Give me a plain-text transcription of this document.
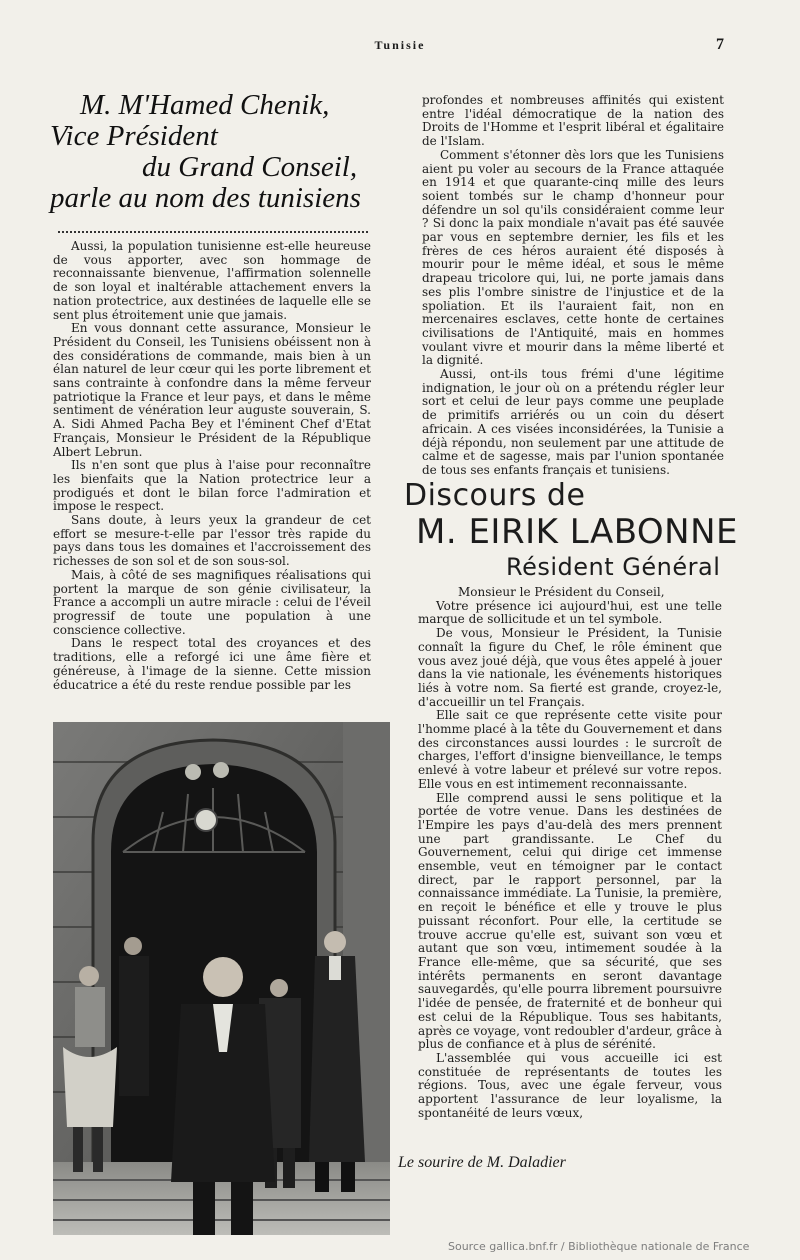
Tunisie	7
M. M'Hamed Chenik,
Vice Président
du Grand Conseil,
parle au nom des tunisiens

Aussi, la population tunisienne est-elle heureuse de vous apporter, avec son hommage de reconnaissante bienvenue, l'affirmation solennelle de son loyal et inaltérable attachement envers la nation protectrice, aux destinées de laquelle elle se sent plus étroitement unie que jamais.

En vous donnant cette assurance, Monsieur le Président du Conseil, les Tunisiens obéissent non à des considérations de commande, mais bien à un élan naturel de leur cœur qui les porte librement et sans contrainte à confondre dans la même ferveur patriotique la France et leur pays, et dans le même sentiment de vénération leur auguste souverain, S. A. Sidi Ahmed Pacha Bey et l'éminent Chef d'Etat Français, Monsieur le Président de la République Albert Lebrun.

Ils n'en sont que plus à l'aise pour reconnaître les bienfaits que la Nation protectrice leur a prodigués et dont le bilan force l'admiration et impose le respect.

Sans doute, à leurs yeux la grandeur de cet effort se mesure-t-elle par l'essor très rapide du pays dans tous les domaines et l'accroissement des richesses de son sol et de son sous-sol.

Mais, à côté de ses magnifiques réalisations qui portent la marque de son génie civilisateur, la France a accompli un autre miracle : celui de l'éveil progressif de toute une population à une conscience collective.

Dans le respect total des croyances et des traditions, elle a reforgé ici une âme fière et généreuse, à l'image de la sienne. Cette mission éducatrice a été du reste rendue possible par les

profondes et nombreuses affinités qui existent entre l'idéal démocratique de la nation des Droits de l'Homme et l'esprit libéral et égalitaire de l'Islam.

Comment s'étonner dès lors que les Tunisiens aient pu voler au secours de la France attaquée en 1914 et que quarante-cinq mille des leurs soient tombés sur le champ d'honneur pour défendre un sol qu'ils considéraient comme leur ? Si donc la paix mondiale n'avait pas été sauvée par vous en septembre dernier, les fils et les frères de ces héros auraient été disposés à mourir pour le même idéal, et sous le même drapeau tricolore qui, lui, ne porte jamais dans ses plis l'ombre sinistre de l'injustice et de la spoliation. Et ils l'auraient fait, non en mercenaires esclaves, cette honte de certaines civilisations de l'Antiquité, mais en hommes voulant vivre et mourir dans la même liberté et la dignité.

Aussi, ont-ils tous frémi d'une légitime indignation, le jour où on a prétendu régler leur sort et celui de leur pays comme une peuplade de primitifs arriérés ou un coin du désert africain. A ces visées inconsidérées, la Tunisie a déjà répondu, non seulement par une attitude de calme et de sagesse, mais par l'union spontanée de tous ses enfants français et tunisiens.

Discours de
M. EIRIK LABONNE
Résident Général

Monsieur le Président du Conseil,

Votre présence ici aujourd'hui, est une telle marque de sollicitude et un tel symbole.

De vous, Monsieur le Président, la Tunisie connaît la figure du Chef, le rôle éminent que vous avez joué déjà, que vous êtes appelé à jouer dans la vie nationale, les événements historiques liés à votre nom. Sa fierté est grande, croyez-le, d'accueillir un tel Français.

Elle sait ce que représente cette visite pour l'homme placé à la tête du Gouvernement et dans des circonstances aussi lourdes : le surcroît de charges, l'effort d'insigne bienveillance, le temps enlevé à votre labeur et prélevé sur votre repos. Elle vous en est intimement reconnaissante.

Elle comprend aussi le sens politique et la portée de votre venue. Dans les destinées de l'Empire les pays d'au-delà des mers prennent une part grandissante. Le Chef du Gouvernement, celui qui dirige cet immense ensemble, veut en témoigner par le contact direct, par le rapport personnel, par la connaissance immédiate. La Tunisie, la première, en reçoit le bénéfice et elle y trouve le plus puissant réconfort. Pour elle, la certitude se trouve accrue qu'elle est, suivant son vœu et autant que son vœu, intimement soudée à la France elle-même, que sa sécurité, que ses intérêts permanents en seront davantage sauvegardés, qu'elle pourra librement poursuivre l'idée de pensée, de fraternité et de bonheur qui est celui de la République. Tous ses habitants, après ce voyage, vont redoubler d'ardeur, grâce à plus de confiance et à plus de sérénité.

L'assemblée qui vous accueille ici est constituée de représentants de toutes les régions. Tous, avec une égale ferveur, vous apportent l'assurance de leur loyalisme, la spontanéité de leurs vœux,

Le sourire de M. Daladier
Source gallica.bnf.fr / Bibliothèque nationale de France
